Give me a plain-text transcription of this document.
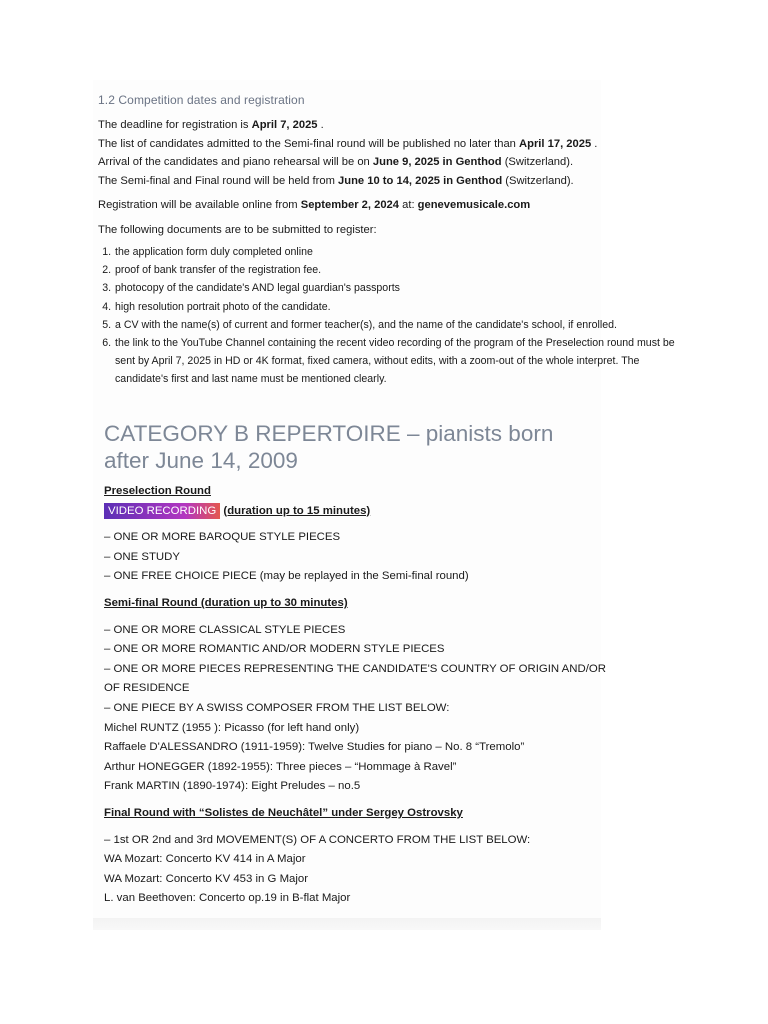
1.2 Competition dates and registration

The deadline for registration is April 7, 2025 .

The list of candidates admitted to the Semi-final round will be published no later than April 17, 2025 .

Arrival of the candidates and piano rehearsal will be on June 9, 2025 in Genthod (Switzerland).

The Semi-final and Final round will be held from June 10 to 14, 2025 in Genthod (Switzerland).

Registration will be available online from September 2, 2024 at: genevemusicale.com

The following documents are to be submitted to register:

1. the application form duly completed online
2. proof of bank transfer of the registration fee.
3. photocopy of the candidate's AND legal guardian's passports
4. high resolution portrait photo of the candidate.
5. a CV with the name(s) of current and former teacher(s), and the name of the candidate's school, if enrolled.
6. the link to the YouTube Channel containing the recent video recording of the program of the Preselection round must be sent by April 7, 2025 in HD or 4K format, fixed camera, without edits, with a zoom-out of the whole interpret. The candidate's first and last name must be mentioned clearly.
CATEGORY B REPERTOIRE – pianists born
after June 14, 2009
Preselection Round
VIDEO RECORDING (duration up to 15 minutes)
– ONE OR MORE BAROQUE STYLE PIECES
– ONE STUDY
– ONE FREE CHOICE PIECE (may be replayed in the Semi-final round)
Semi-final Round (duration up to 30 minutes)
– ONE OR MORE CLASSICAL STYLE PIECES
– ONE OR MORE ROMANTIC AND/OR MODERN STYLE PIECES
– ONE OR MORE PIECES REPRESENTING THE CANDIDATE'S COUNTRY OF ORIGIN AND/OR
OF RESIDENCE
– ONE PIECE BY A SWISS COMPOSER FROM THE LIST BELOW:
Michel RUNTZ (1955 ): Picasso (for left hand only)
Raffaele D'ALESSANDRO (1911-1959): Twelve Studies for piano – No. 8 “Tremolo”
Arthur HONEGGER (1892-1955): Three pieces – “Hommage à Ravel”
Frank MARTIN (1890-1974): Eight Preludes – no.5
Final Round with “Solistes de Neuchâtel” under Sergey Ostrovsky
– 1st OR 2nd and 3rd MOVEMENT(S) OF A CONCERTO FROM THE LIST BELOW:
WA Mozart: Concerto KV 414 in A Major
WA Mozart: Concerto KV 453 in G Major
L. van Beethoven: Concerto op.19 in B-flat Major
